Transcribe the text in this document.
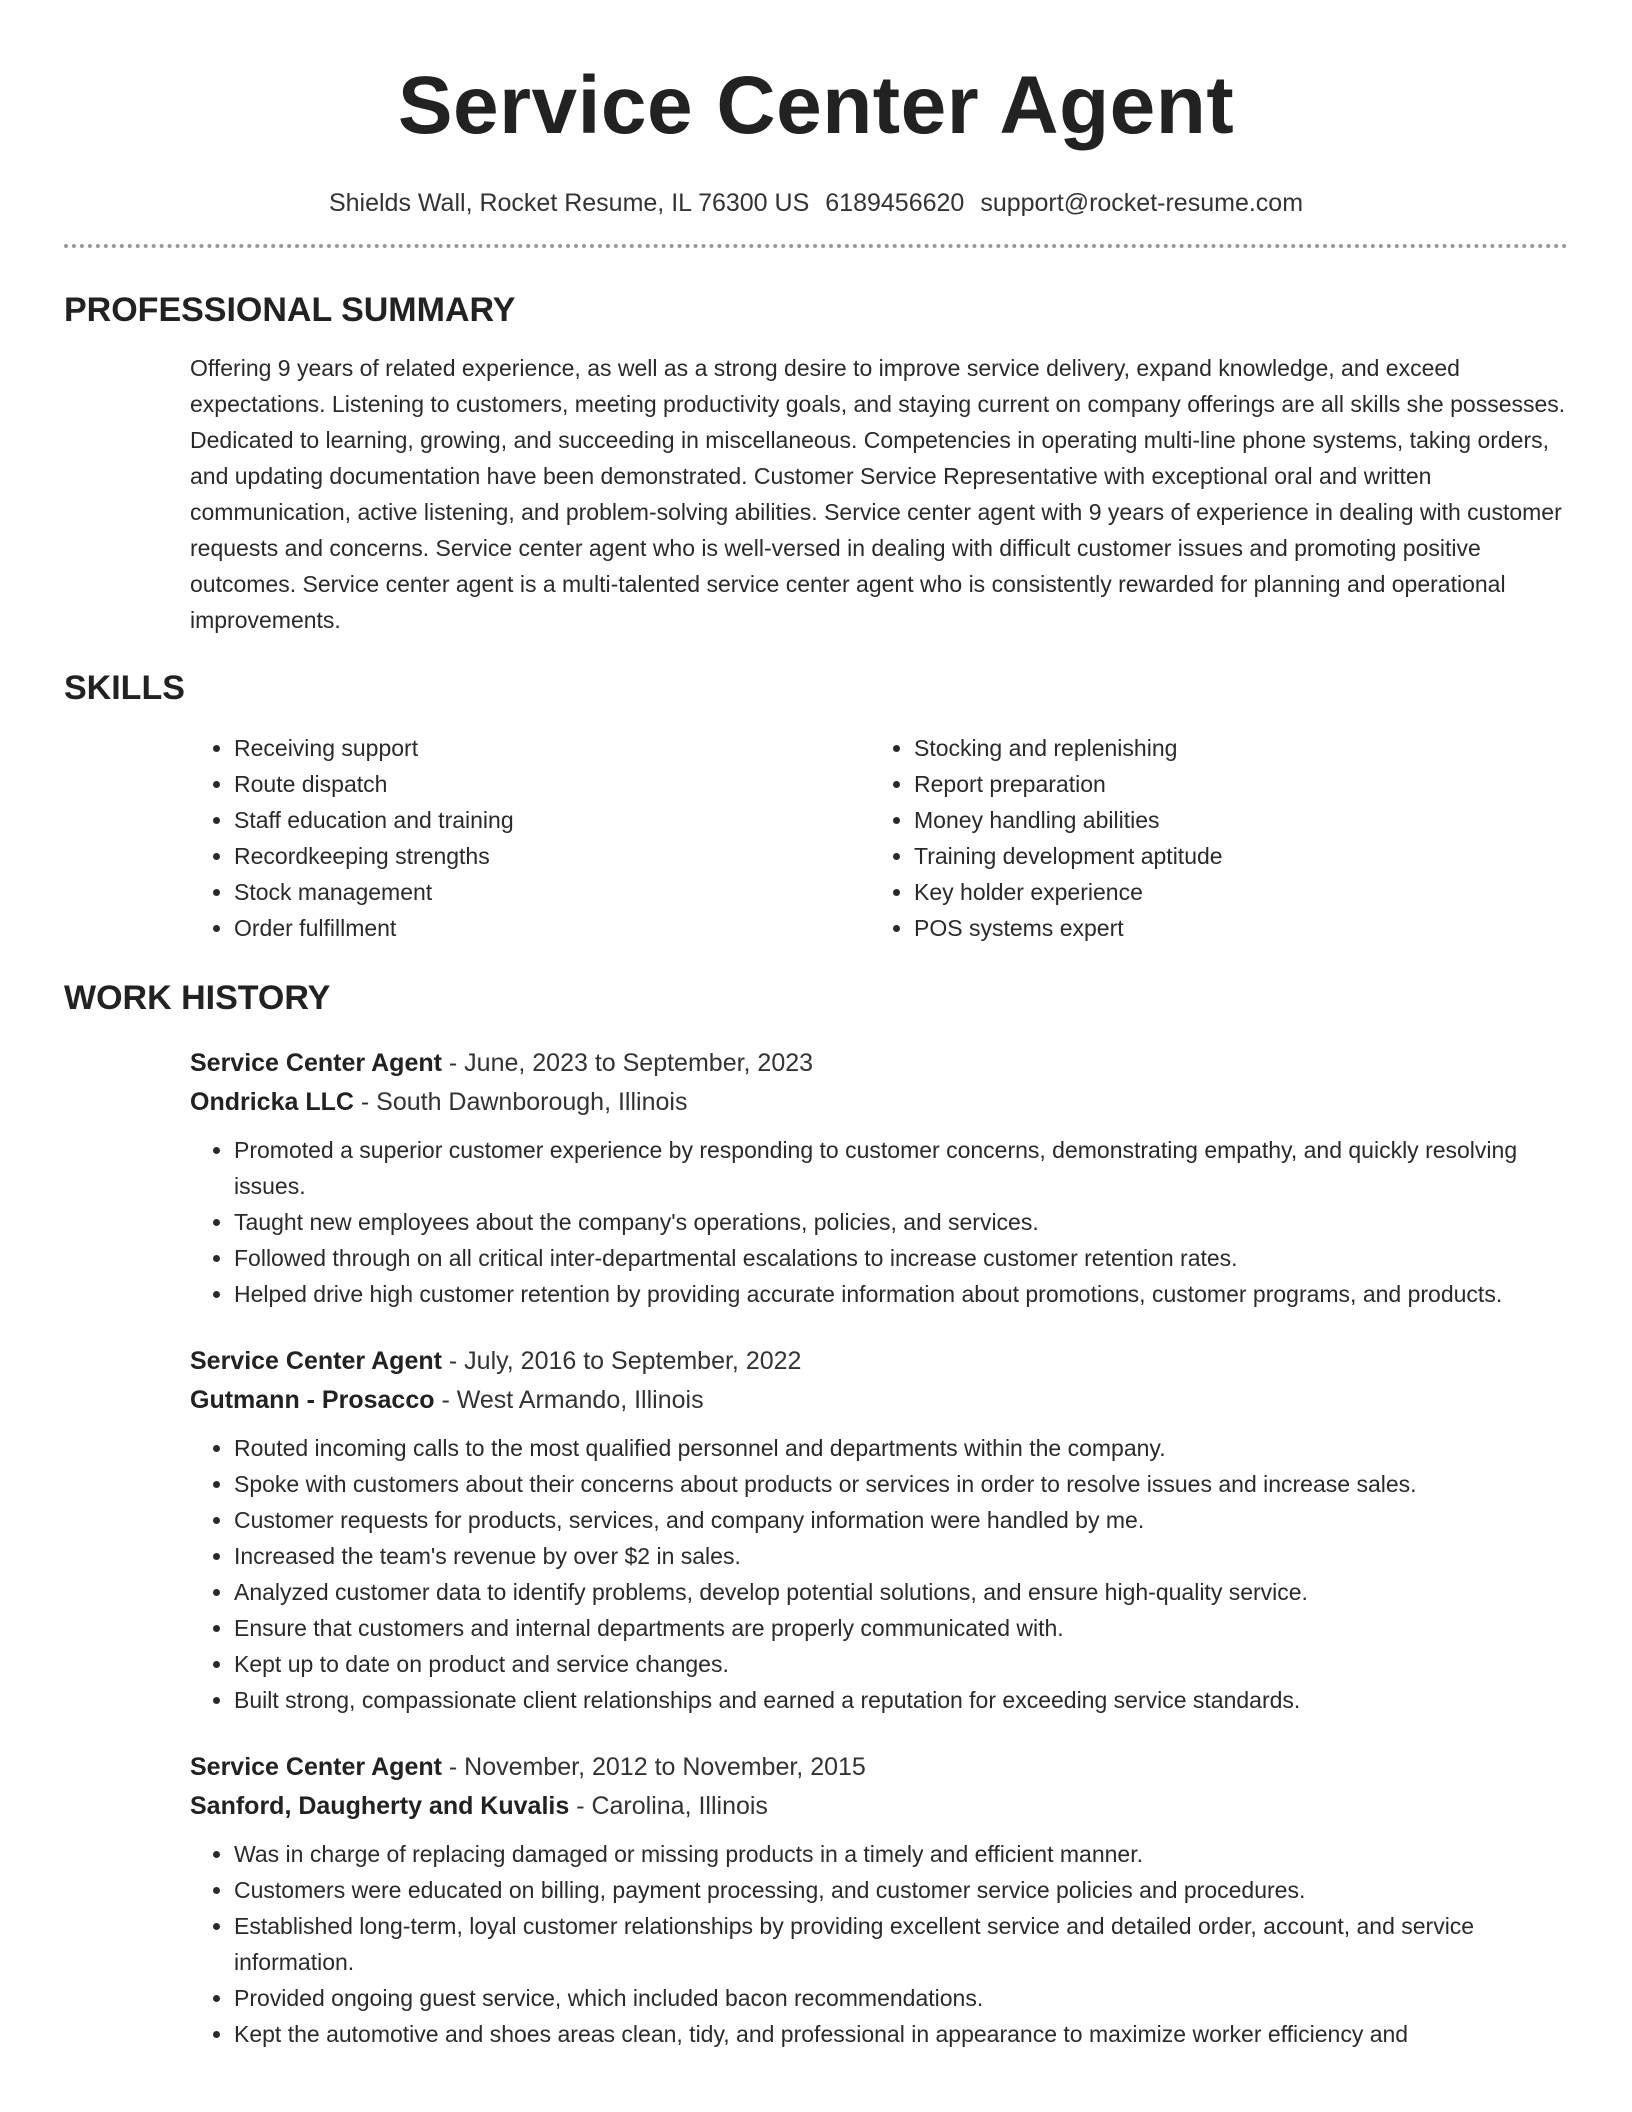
Service Center Agent
Shields Wall, Rocket Resume, IL 76300 US 6189456620 support@rocket-resume.com
PROFESSIONAL SUMMARY
Offering 9 years of related experience, as well as a strong desire to improve service delivery, expand knowledge, and exceed expectations. Listening to customers, meeting productivity goals, and staying current on company offerings are all skills she possesses. Dedicated to learning, growing, and succeeding in miscellaneous. Competencies in operating multi-line phone systems, taking orders, and updating documentation have been demonstrated. Customer Service Representative with exceptional oral and written communication, active listening, and problem-solving abilities. Service center agent with 9 years of experience in dealing with customer requests and concerns. Service center agent who is well-versed in dealing with difficult customer issues and promoting positive outcomes. Service center agent is a multi-talented service center agent who is consistently rewarded for planning and operational improvements.
SKILLS
• Receiving support
• Route dispatch
• Staff education and training
• Recordkeeping strengths
• Stock management
• Order fulfillment
• Stocking and replenishing
• Report preparation
• Money handling abilities
• Training development aptitude
• Key holder experience
• POS systems expert
WORK HISTORY
Service Center Agent - June, 2023 to September, 2023
Ondricka LLC - South Dawnborough, Illinois
• Promoted a superior customer experience by responding to customer concerns, demonstrating empathy, and quickly resolving issues.
• Taught new employees about the company's operations, policies, and services.
• Followed through on all critical inter-departmental escalations to increase customer retention rates.
• Helped drive high customer retention by providing accurate information about promotions, customer programs, and products.
Service Center Agent - July, 2016 to September, 2022
Gutmann - Prosacco - West Armando, Illinois
• Routed incoming calls to the most qualified personnel and departments within the company.
• Spoke with customers about their concerns about products or services in order to resolve issues and increase sales.
• Customer requests for products, services, and company information were handled by me.
• Increased the team's revenue by over $2 in sales.
• Analyzed customer data to identify problems, develop potential solutions, and ensure high-quality service.
• Ensure that customers and internal departments are properly communicated with.
• Kept up to date on product and service changes.
• Built strong, compassionate client relationships and earned a reputation for exceeding service standards.
Service Center Agent - November, 2012 to November, 2015
Sanford, Daugherty and Kuvalis - Carolina, Illinois
• Was in charge of replacing damaged or missing products in a timely and efficient manner.
• Customers were educated on billing, payment processing, and customer service policies and procedures.
• Established long-term, loyal customer relationships by providing excellent service and detailed order, account, and service information.
• Provided ongoing guest service, which included bacon recommendations.
• Kept the automotive and shoes areas clean, tidy, and professional in appearance to maximize worker efficiency and
